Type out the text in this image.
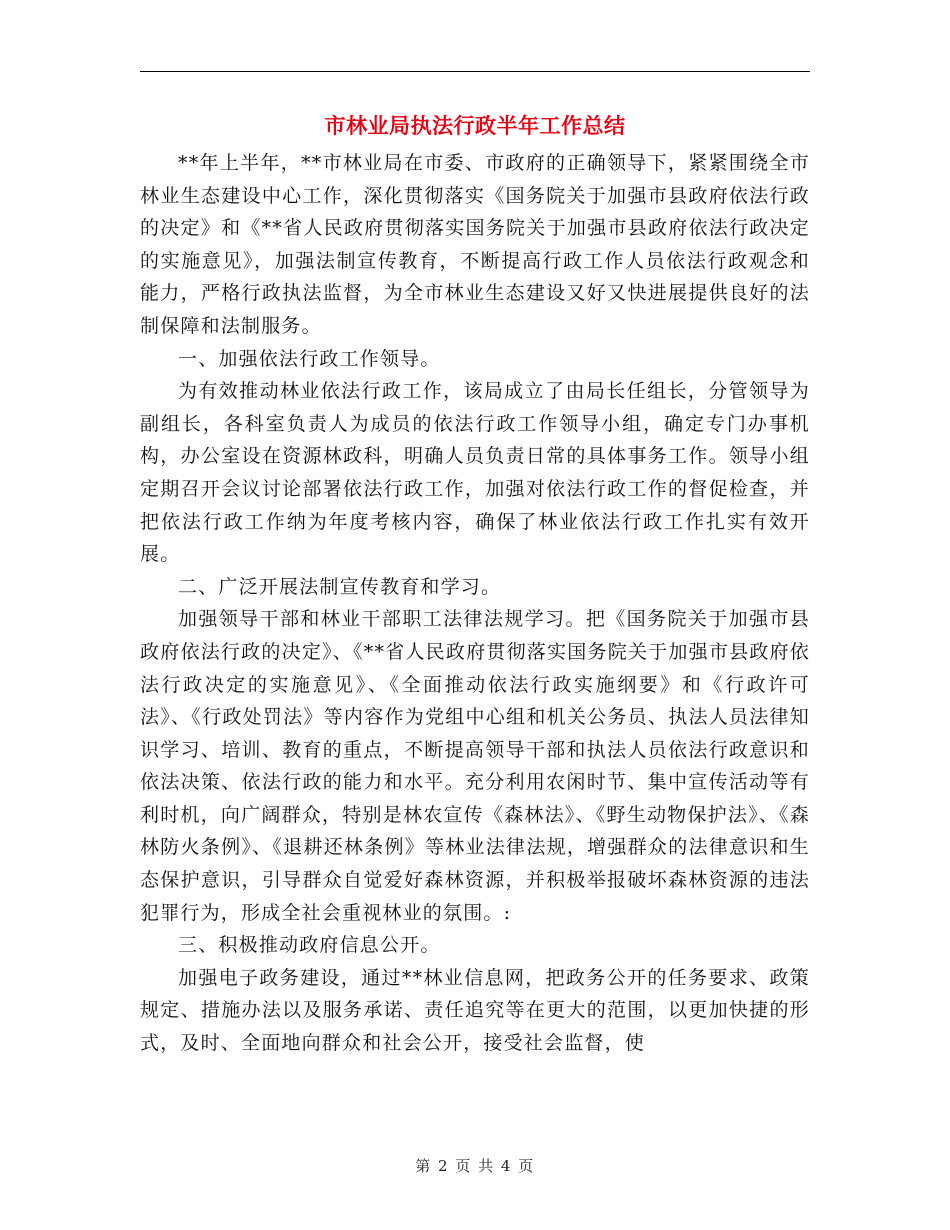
市林业局执法行政半年工作总结

**年上半年，**市林业局在市委、市政府的正确领导下，紧紧围绕全市林业生态建设中心工作，深化贯彻落实《国务院关于加强市县政府依法行政的决定》和《**省人民政府贯彻落实国务院关于加强市县政府依法行政决定的实施意见》，加强法制宣传教育，不断提高行政工作人员依法行政观念和能力，严格行政执法监督，为全市林业生态建设又好又快进展提供良好的法制保障和法制服务。

一、加强依法行政工作领导。

为有效推动林业依法行政工作，该局成立了由局长任组长，分管领导为副组长，各科室负责人为成员的依法行政工作领导小组，确定专门办事机构，办公室设在资源林政科，明确人员负责日常的具体事务工作。领导小组定期召开会议讨论部署依法行政工作，加强对依法行政工作的督促检查，并把依法行政工作纳为年度考核内容，确保了林业依法行政工作扎实有效开展。

二、广泛开展法制宣传教育和学习。

加强领导干部和林业干部职工法律法规学习。把《国务院关于加强市县政府依法行政的决定》、《**省人民政府贯彻落实国务院关于加强市县政府依法行政决定的实施意见》、《全面推动依法行政实施纲要》和《行政许可法》、《行政处罚法》等内容作为党组中心组和机关公务员、执法人员法律知识学习、培训、教育的重点，不断提高领导干部和执法人员依法行政意识和依法决策、依法行政的能力和水平。充分利用农闲时节、集中宣传活动等有利时机，向广阔群众，特别是林农宣传《森林法》、《野生动物保护法》、《森林防火条例》、《退耕还林条例》等林业法律法规，增强群众的法律意识和生态保护意识，引导群众自觉爱好森林资源，并积极举报破坏森林资源的违法犯罪行为，形成全社会重视林业的氛围。:

三、积极推动政府信息公开。

加强电子政务建设，通过**林业信息网，把政务公开的任务要求、政策规定、措施办法以及服务承诺、责任追究等在更大的范围，以更加快捷的形式，及时、全面地向群众和社会公开，接受社会监督，使

第 2 页 共 4 页
